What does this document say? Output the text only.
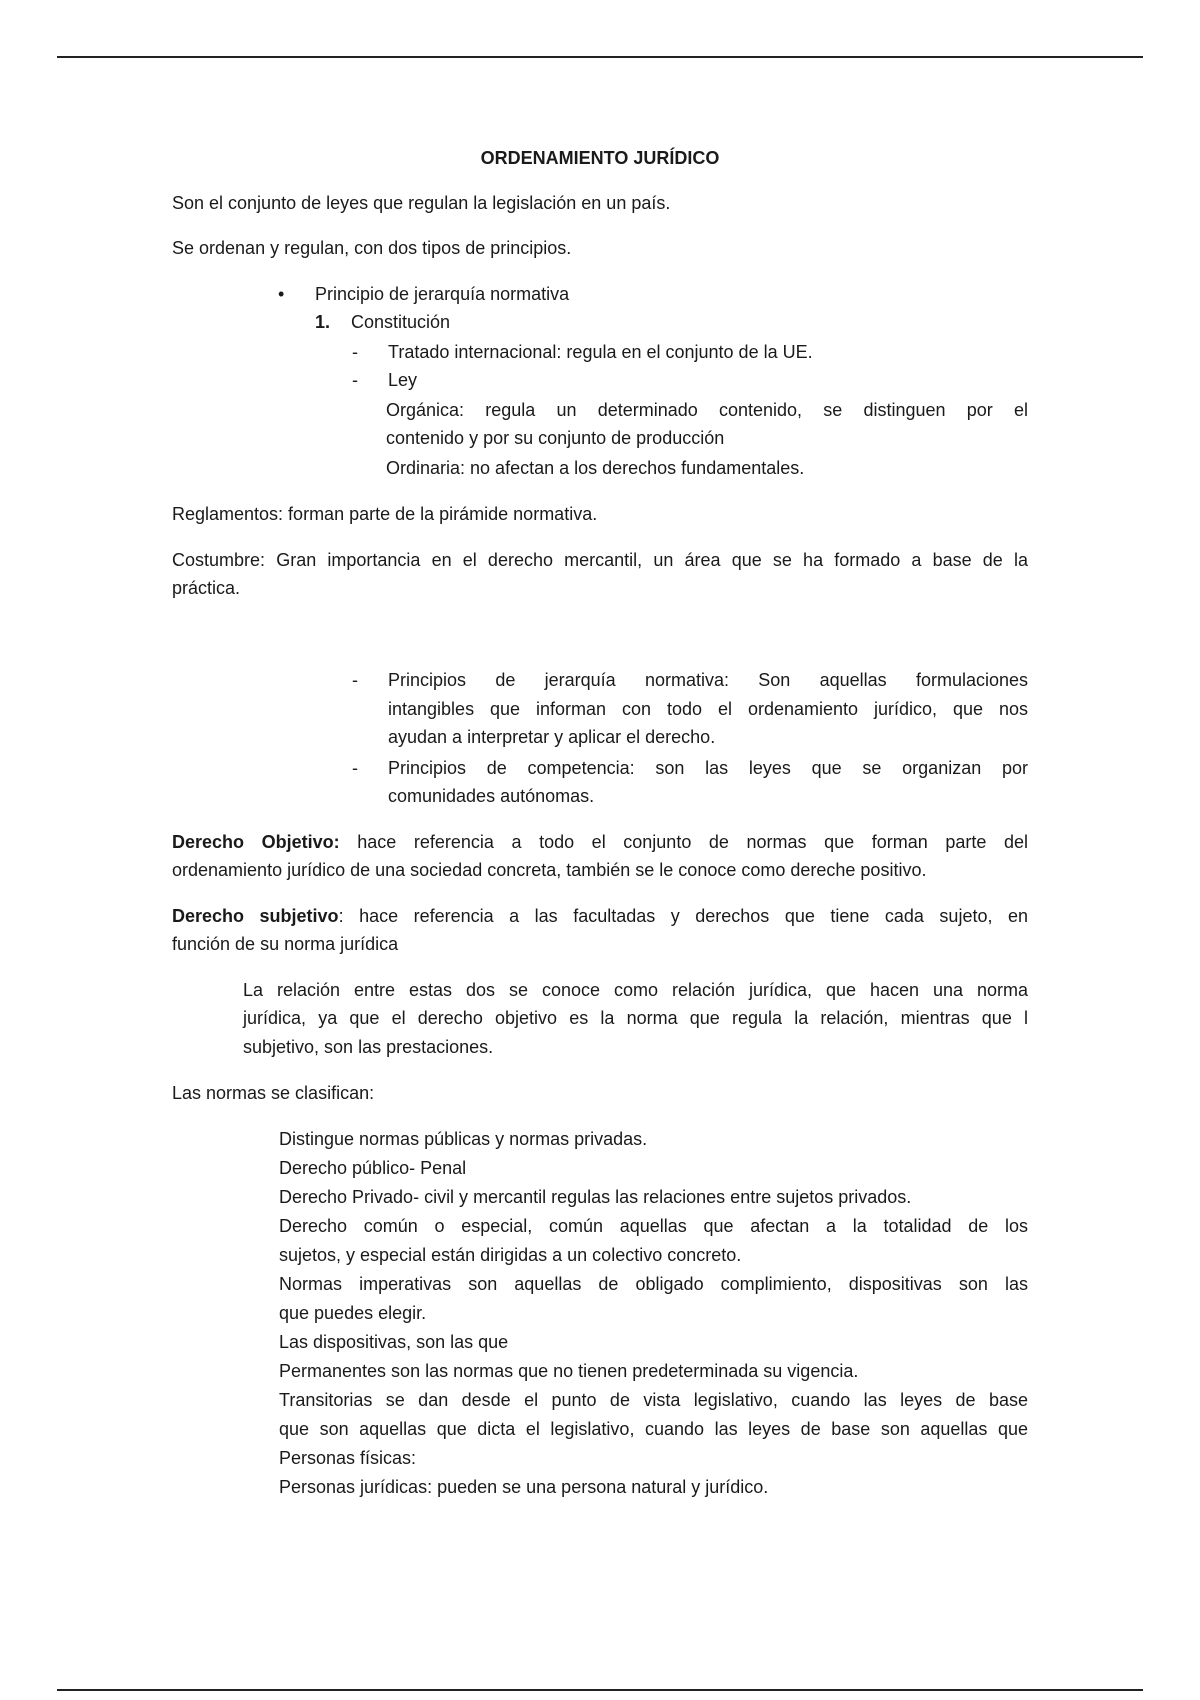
ORDENAMIENTO JURÍDICO
Son el conjunto de leyes que regulan la legislación en un país.
Se ordenan y regulan, con dos tipos de principios.
• Principio de jerarquía normativa
1. Constitución
- Tratado internacional: regula en el conjunto de la UE.
- Ley
Orgánica: regula un determinado contenido, se distinguen por el
contenido y por su conjunto de producción
Ordinaria: no afectan a los derechos fundamentales.
Reglamentos: forman parte de la pirámide normativa.
Costumbre: Gran importancia en el derecho mercantil, un área que se ha formado a base de la
práctica.
- Principios de jerarquía normativa: Son aquellas formulaciones
intangibles que informan con todo el ordenamiento jurídico, que nos
ayudan a interpretar y aplicar el derecho.
- Principios de competencia: son las leyes que se organizan por
comunidades autónomas.
Derecho Objetivo: hace referencia a todo el conjunto de normas que forman parte del
ordenamiento jurídico de una sociedad concreta, también se le conoce como dereche positivo.
Derecho subjetivo: hace referencia a las facultadas y derechos que tiene cada sujeto, en
función de su norma jurídica
La relación entre estas dos se conoce como relación jurídica, que hacen una norma
jurídica, ya que el derecho objetivo es la norma que regula la relación, mientras que l
subjetivo, son las prestaciones.
Las normas se clasifican:
Distingue normas públicas y normas privadas.
Derecho público- Penal
Derecho Privado- civil y mercantil regulas las relaciones entre sujetos privados.
Derecho común o especial, común aquellas que afectan a la totalidad de los
sujetos, y especial están dirigidas a un colectivo concreto.
Normas imperativas son aquellas de obligado complimiento, dispositivas son las
que puedes elegir.
Las dispositivas, son las que
Permanentes son las normas que no tienen predeterminada su vigencia.
Transitorias se dan desde el punto de vista legislativo, cuando las leyes de base
que son aquellas que dicta el legislativo, cuando las leyes de base son aquellas que
Personas físicas:
Personas jurídicas: pueden se una persona natural y jurídico.
